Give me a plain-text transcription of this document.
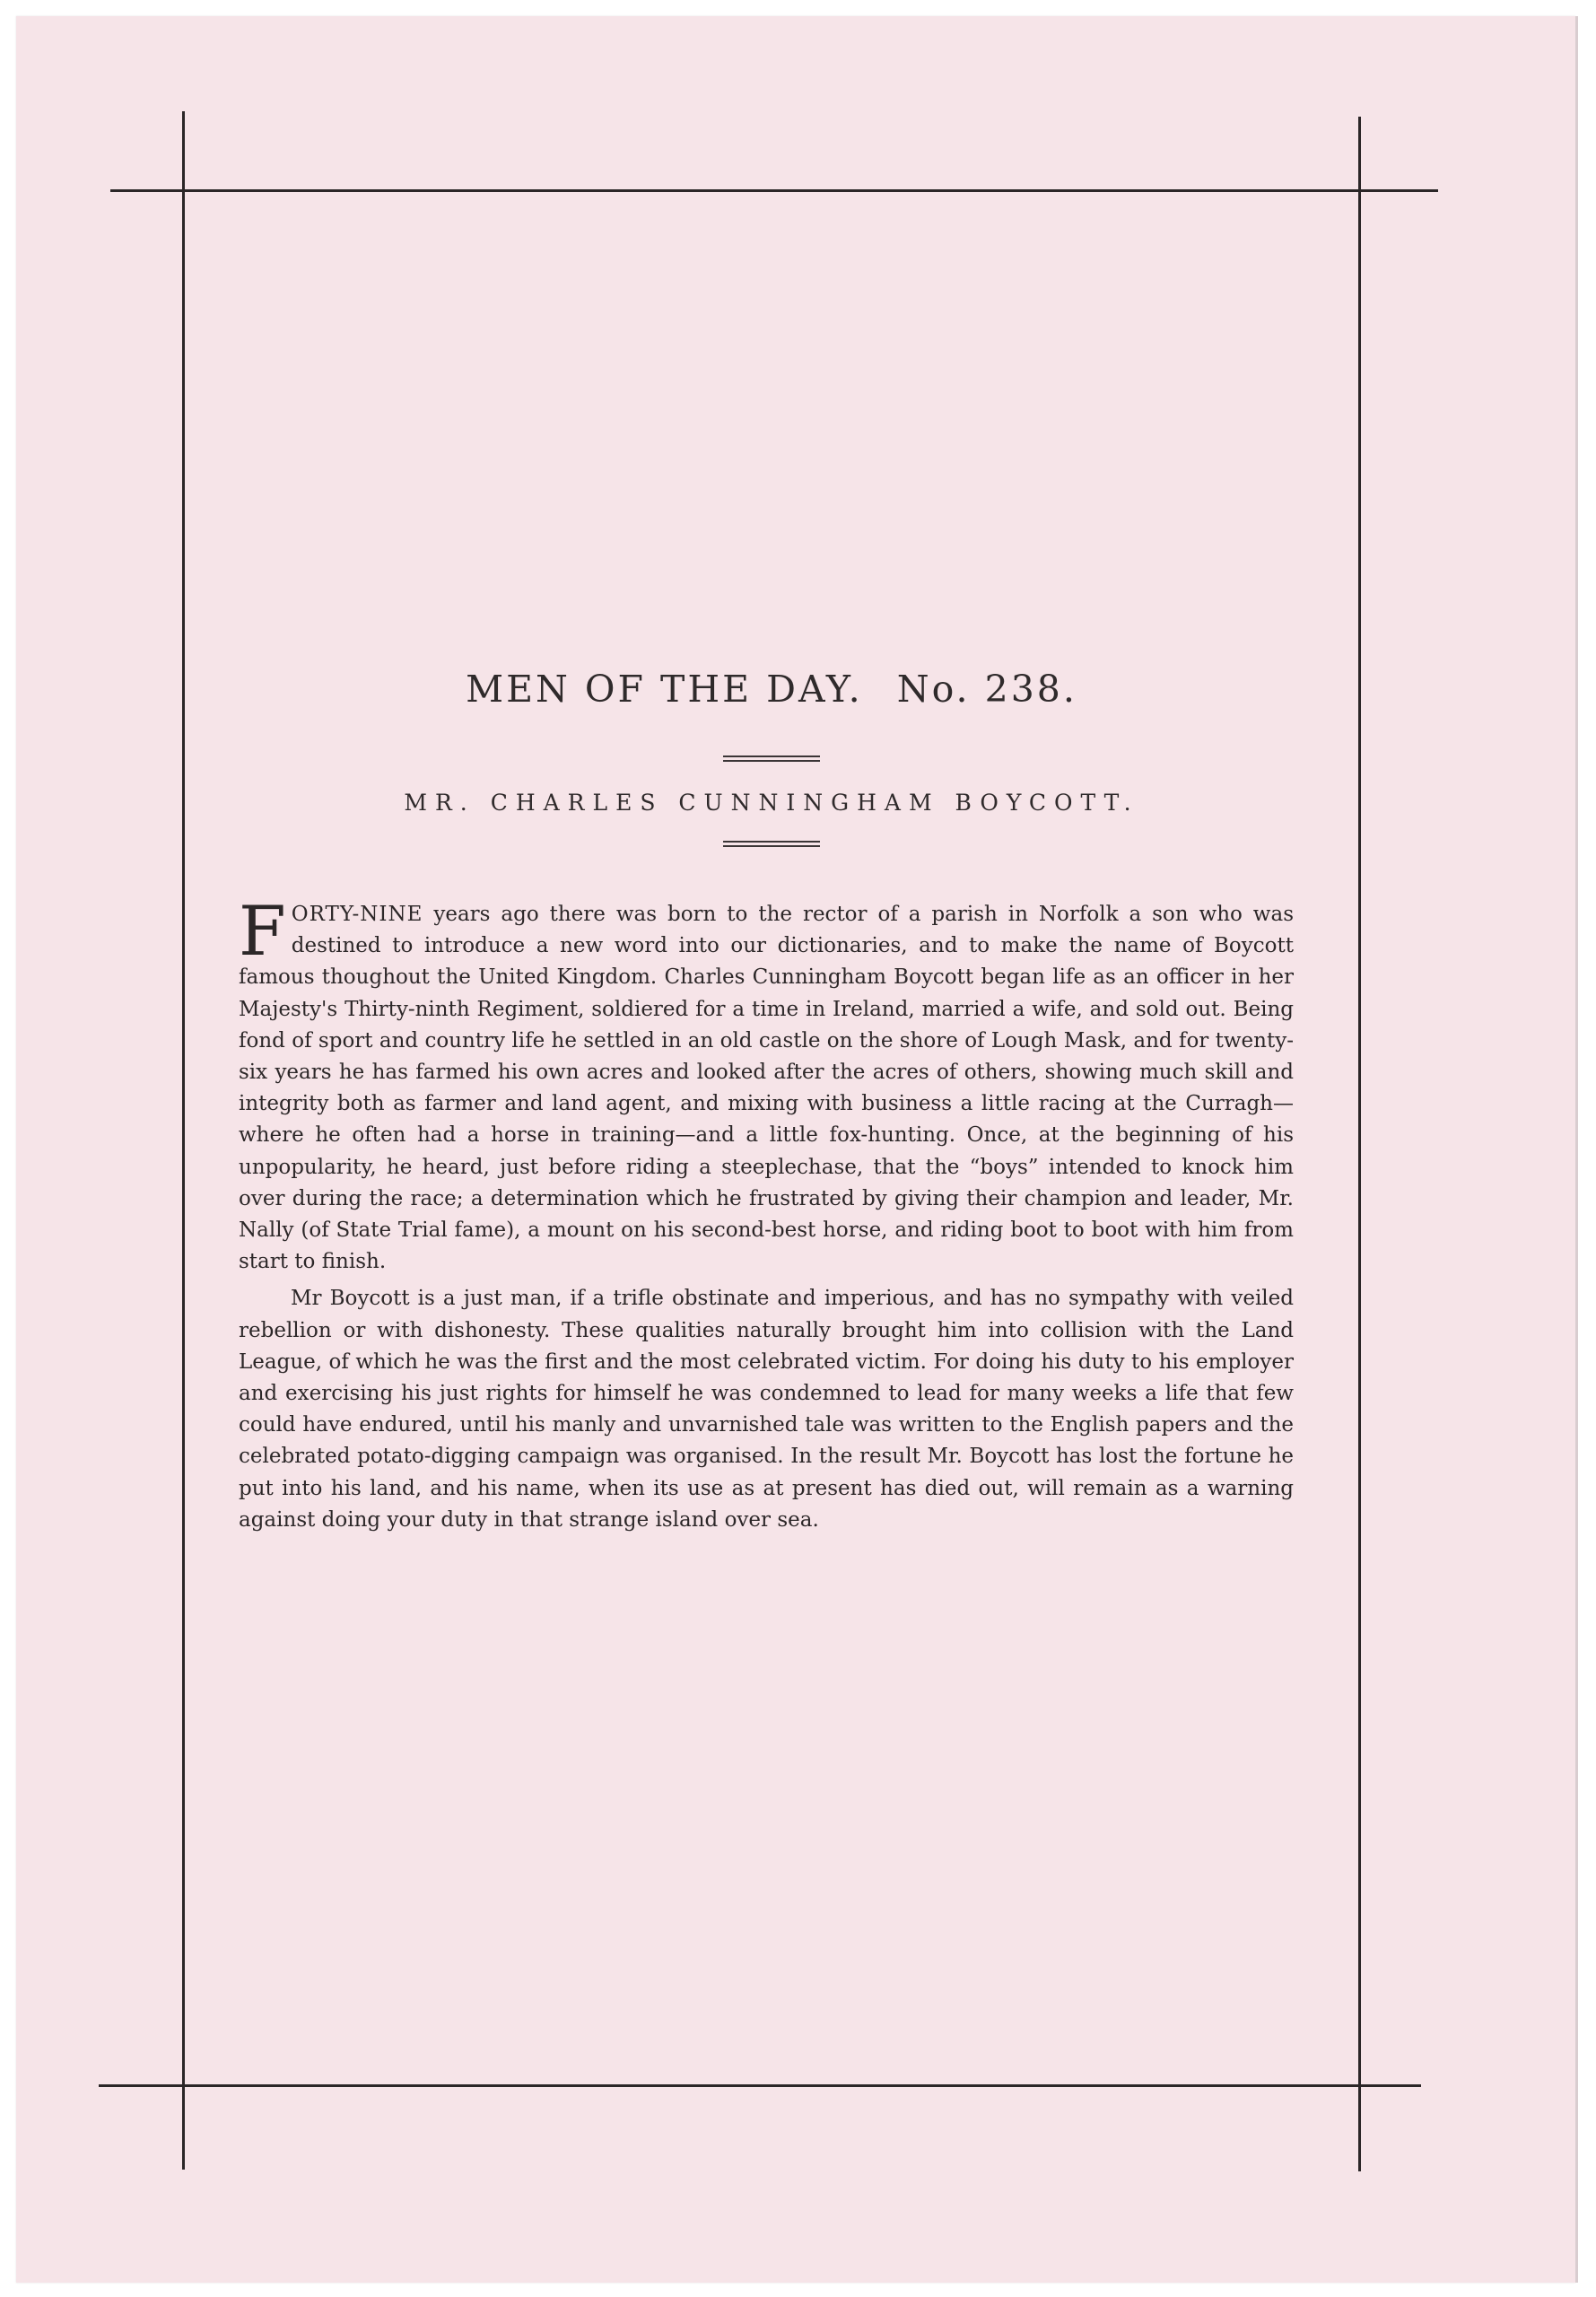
MEN OF THE DAY. No. 238.
MR. CHARLES CUNNINGHAM BOYCOTT.

FORTY-NINE years ago there was born to the rector of a parish in Norfolk a son who was destined to introduce a new word into our dictionaries, and to make the name of Boycott famous thoughout the United Kingdom. Charles Cunningham Boycott began life as an officer in her Majesty's Thirty-ninth Regiment, soldiered for a time in Ireland, married a wife, and sold out. Being fond of sport and country life he settled in an old castle on the shore of Lough Mask, and for twenty-six years he has farmed his own acres and looked after the acres of others, showing much skill and integrity both as farmer and land agent, and mixing with business a little racing at the Curragh—where he often had a horse in training—and a little fox-hunting. Once, at the beginning of his unpopularity, he heard, just before riding a steeplechase, that the “boys” intended to knock him over during the race; a determination which he frustrated by giving their champion and leader, Mr. Nally (of State Trial fame), a mount on his second-best horse, and riding boot to boot with him from start to finish.

Mr Boycott is a just man, if a trifle obstinate and imperious, and has no sympathy with veiled rebellion or with dishonesty. These qualities naturally brought him into collision with the Land League, of which he was the first and the most celebrated victim. For doing his duty to his employer and exercising his just rights for himself he was condemned to lead for many weeks a life that few could have endured, until his manly and unvarnished tale was written to the English papers and the celebrated potato-digging campaign was organised. In the result Mr. Boycott has lost the fortune he put into his land, and his name, when its use as at present has died out, will remain as a warning against doing your duty in that strange island over sea.
